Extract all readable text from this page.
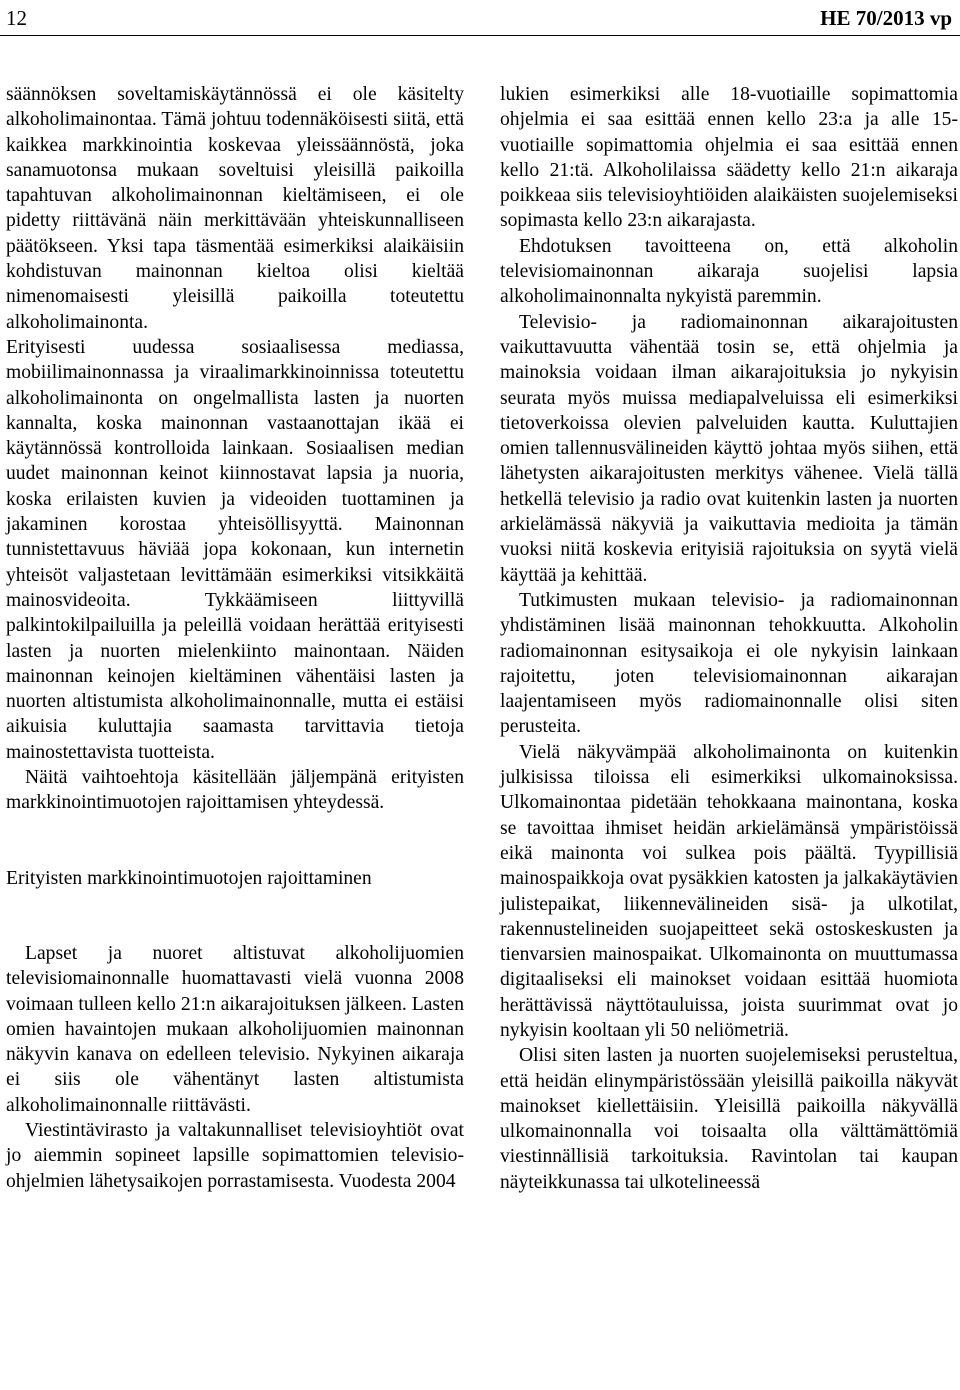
12	HE 70/2013 vp

säännöksen soveltamiskäytännössä ei ole käsitelty alkoholimainontaa. Tämä johtuu todennäköisesti siitä, että kaikkea markkinointia koskevaa yleissäännöstä, joka sanamuotonsa mukaan soveltuisi yleisillä paikoilla tapahtuvan alkoholimainonnan kieltämiseen, ei ole pidetty riittävänä näin merkittävään yhteiskunnalliseen päätökseen. Yksi tapa täsmentää esimerkiksi alaikäisiin kohdistuvan mainonnan kieltoa olisi kieltää nimenomaisesti yleisillä paikoilla toteutettu alkoholimainonta.

Erityisesti uudessa sosiaalisessa mediassa, mobiilimainonnassa ja viraalimarkkinoinnissa toteutettu alkoholimainonta on ongelmallista lasten ja nuorten kannalta, koska mainonnan vastaanottajan ikää ei käytännössä kontrolloida lainkaan. Sosiaalisen median uudet mainonnan keinot kiinnostavat lapsia ja nuoria, koska erilaisten kuvien ja videoiden tuottaminen ja jakaminen korostaa yhteisöllisyyttä. Mainonnan tunnistettavuus häviää jopa kokonaan, kun internetin yhteisöt valjastetaan levittämään esimerkiksi vitsikkäitä mainosvideoita. Tykkäämiseen liittyvillä palkintokilpailuilla ja peleillä voidaan herättää erityisesti lasten ja nuorten mielenkiinto mainontaan. Näiden mainonnan keinojen kieltäminen vähentäisi lasten ja nuorten altistumista alkoholimainonnalle, mutta ei estäisi aikuisia kuluttajia saamasta tarvittavia tietoja mainostettavista tuotteista.

Näitä vaihtoehtoja käsitellään jäljempänä erityisten markkinointimuotojen rajoittamisen yhteydessä.

Erityisten markkinointimuotojen rajoittaminen

Lapset ja nuoret altistuvat alkoholijuomien televisiomainonnalle huomattavasti vielä vuonna 2008 voimaan tulleen kello 21:n aikarajoituksen jälkeen. Lasten omien havaintojen mukaan alkoholijuomien mainonnan näkyvin kanava on edelleen televisio. Nykyinen aikaraja ei siis ole vähentänyt lasten altistumista alkoholimainonnalle riittävästi.

Viestintävirasto ja valtakunnalliset televisioyhtiöt ovat jo aiemmin sopineet lapsille sopimattomien televisio-ohjelmien lähetysaikojen porrastamisesta. Vuodesta 2004

lukien esimerkiksi alle 18-vuotiaille sopimattomia ohjelmia ei saa esittää ennen kello 23:a ja alle 15-vuotiaille sopimattomia ohjelmia ei saa esittää ennen kello 21:tä. Alkoholilaissa säädetty kello 21:n aikaraja poikkeaa siis televisioyhtiöiden alaikäisten suojelemiseksi sopimasta kello 23:n aikarajasta.

Ehdotuksen tavoitteena on, että alkoholin televisiomainonnan aikaraja suojelisi lapsia alkoholimainonnalta nykyistä paremmin.

Televisio- ja radiomainonnan aikarajoitusten vaikuttavuutta vähentää tosin se, että ohjelmia ja mainoksia voidaan ilman aikarajoituksia jo nykyisin seurata myös muissa mediapalveluissa eli esimerkiksi tietoverkoissa olevien palveluiden kautta. Kuluttajien omien tallennusvälineiden käyttö johtaa myös siihen, että lähetysten aikarajoitusten merkitys vähenee. Vielä tällä hetkellä televisio ja radio ovat kuitenkin lasten ja nuorten arkielämässä näkyviä ja vaikuttavia medioita ja tämän vuoksi niitä koskevia erityisiä rajoituksia on syytä vielä käyttää ja kehittää.

Tutkimusten mukaan televisio- ja radiomainonnan yhdistäminen lisää mainonnan tehokkuutta. Alkoholin radiomainonnan esitysaikoja ei ole nykyisin lainkaan rajoitettu, joten televisiomainonnan aikarajan laajentamiseen myös radiomainonnalle olisi siten perusteita.

Vielä näkyvämpää alkoholimainonta on kuitenkin julkisissa tiloissa eli esimerkiksi ulkomainoksissa. Ulkomainontaa pidetään tehokkaana mainontana, koska se tavoittaa ihmiset heidän arkielämänsä ympäristöissä eikä mainonta voi sulkea pois päältä. Tyypillisiä mainospaikkoja ovat pysäkkien katosten ja jalkakäytävien julistepaikat, liikennevälineiden sisä- ja ulkotilat, rakennustelineiden suojapeitteet sekä ostoskeskusten ja tienvarsien mainospaikat. Ulkomainonta on muuttumassa digitaaliseksi eli mainokset voidaan esittää huomiota herättävissä näyttötauluissa, joista suurimmat ovat jo nykyisin kooltaan yli 50 neliömetriä.

Olisi siten lasten ja nuorten suojelemiseksi perusteltua, että heidän elinympäristössään yleisillä paikoilla näkyvät mainokset kiellettäisiin. Yleisillä paikoilla näkyvällä ulkomainonnalla voi toisaalta olla välttämättömiä viestinnällisiä tarkoituksia. Ravintolan tai kaupan näyteikkunassa tai ulkoteline​essä
